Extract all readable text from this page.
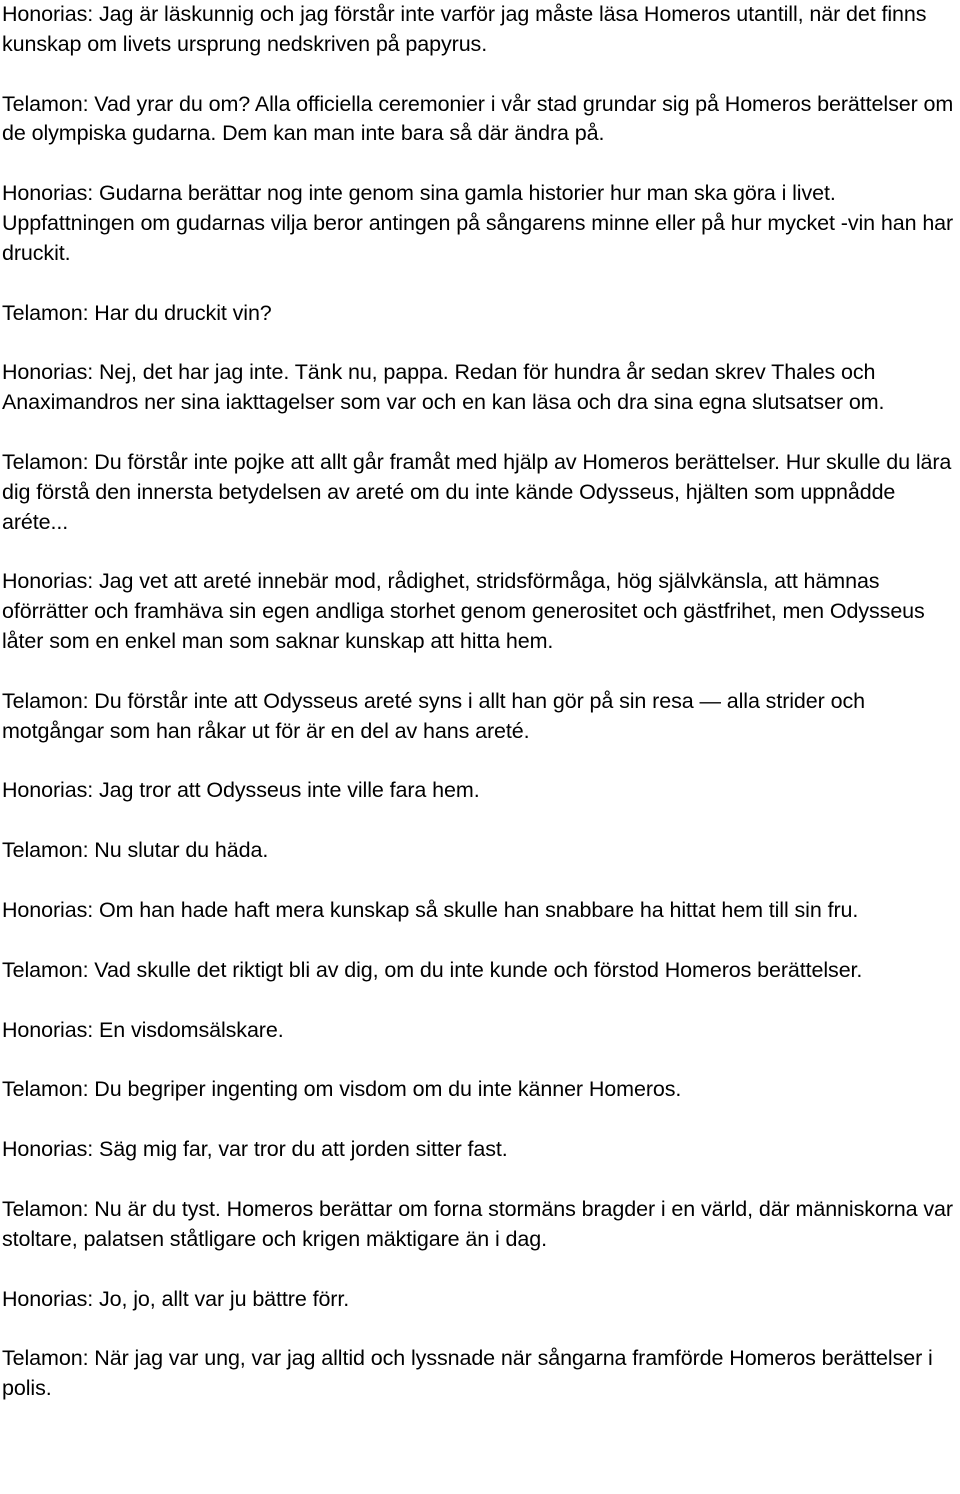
Honorias: Jag är läskunnig och jag förstår inte varför jag måste läsa Homeros utantill, när det finns kunskap om livets ursprung nedskriven på papyrus.

Telamon: Vad yrar du om? Alla officiella ceremonier i vår stad grundar sig på Homeros berättelser om de olympiska gudarna. Dem kan man inte bara så där ändra på.

Honorias: Gudarna berättar nog inte genom sina gamla historier hur man ska göra i livet. Uppfattningen om gudarnas vilja beror antingen på sångarens minne eller på hur mycket -vin han har druckit.

Telamon: Har du druckit vin?

Honorias: Nej, det har jag inte. Tänk nu, pappa. Redan för hundra år sedan skrev Thales och Anaximandros ner sina iakttagelser som var och en kan läsa och dra sina egna slutsatser om.

Telamon: Du förstår inte pojke att allt går framåt med hjälp av Homeros berättelser. Hur skulle du lära dig förstå den innersta betydelsen av areté om du inte kände Odysseus, hjälten som uppnådde aréte...

Honorias: Jag vet att areté innebär mod, rådighet, stridsförmåga, hög självkänsla, att hämnas oförrätter och framhäva sin egen andliga storhet genom generositet och gästfrihet, men Odysseus låter som en enkel man som saknar kunskap att hitta hem.

Telamon: Du förstår inte att Odysseus areté syns i allt han gör på sin resa — alla strider och motgångar som han råkar ut för är en del av hans areté.

Honorias: Jag tror att Odysseus inte ville fara hem.

Telamon: Nu slutar du häda.

Honorias: Om han hade haft mera kunskap så skulle han snabbare ha hittat hem till sin fru.

Telamon: Vad skulle det riktigt bli av dig, om du inte kunde och förstod Homeros berättelser.

Honorias: En visdomsälskare.

Telamon: Du begriper ingenting om visdom om du inte känner Homeros.

Honorias: Säg mig far, var tror du att jorden sitter fast.

Telamon: Nu är du tyst. Homeros berättar om forna stormäns bragder i en värld, där människorna var stoltare, palatsen ståtligare och krigen mäktigare än i dag.

Honorias: Jo, jo, allt var ju bättre förr.

Telamon: När jag var ung, var jag alltid och lyssnade när sångarna framförde Homeros berättelser i polis.
